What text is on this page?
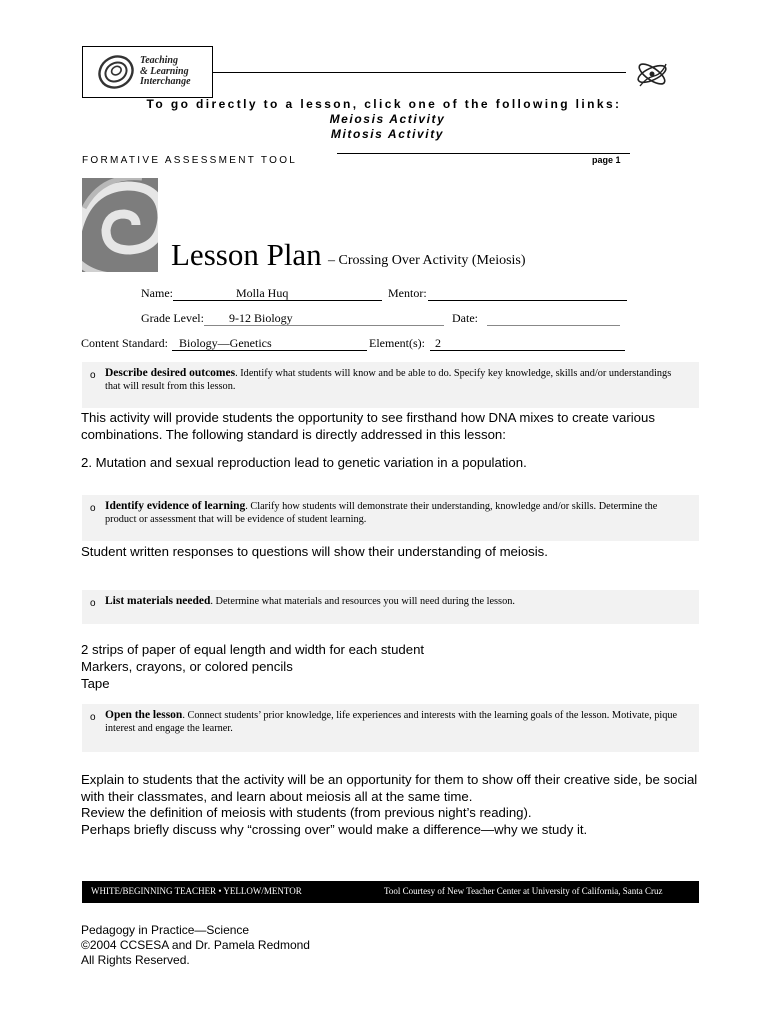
Teaching
& Learning
Interchange
To go directly to a lesson, click one of the following links:
Meiosis Activity
Mitosis Activity
FORMATIVE ASSESSMENT TOOL	page 1
Lesson Plan – Crossing Over Activity (Meiosis)
Name:	Molla Huq	Mentor:
Grade Level: 9-12 Biology	Date:
Content Standard: Biology—Genetics	Element(s): 2
o Describe desired outcomes. Identify what students will know and be able to do. Specify key knowledge, skills and/or understandings that will result from this lesson.
This activity will provide students the opportunity to see firsthand how DNA mixes to create various combinations. The following standard is directly addressed in this lesson:
2. Mutation and sexual reproduction lead to genetic variation in a population.
o Identify evidence of learning. Clarify how students will demonstrate their understanding, knowledge and/or skills. Determine the product or assessment that will be evidence of student learning.
Student written responses to questions will show their understanding of meiosis.
o List materials needed. Determine what materials and resources you will need during the lesson.
2 strips of paper of equal length and width for each student
Markers, crayons, or colored pencils
Tape
o Open the lesson. Connect students’ prior knowledge, life experiences and interests with the learning goals of the lesson. Motivate, pique interest and engage the learner.
Explain to students that the activity will be an opportunity for them to show off their creative side, be social with their classmates, and learn about meiosis all at the same time.
Review the definition of meiosis with students (from previous night’s reading).
Perhaps briefly discuss why “crossing over” would make a difference—why we study it.
WHITE/BEGINNING TEACHER • YELLOW/MENTOR	Tool Courtesy of New Teacher Center at University of California, Santa Cruz
Pedagogy in Practice—Science
©2004 CCSESA and Dr. Pamela Redmond
All Rights Reserved.
